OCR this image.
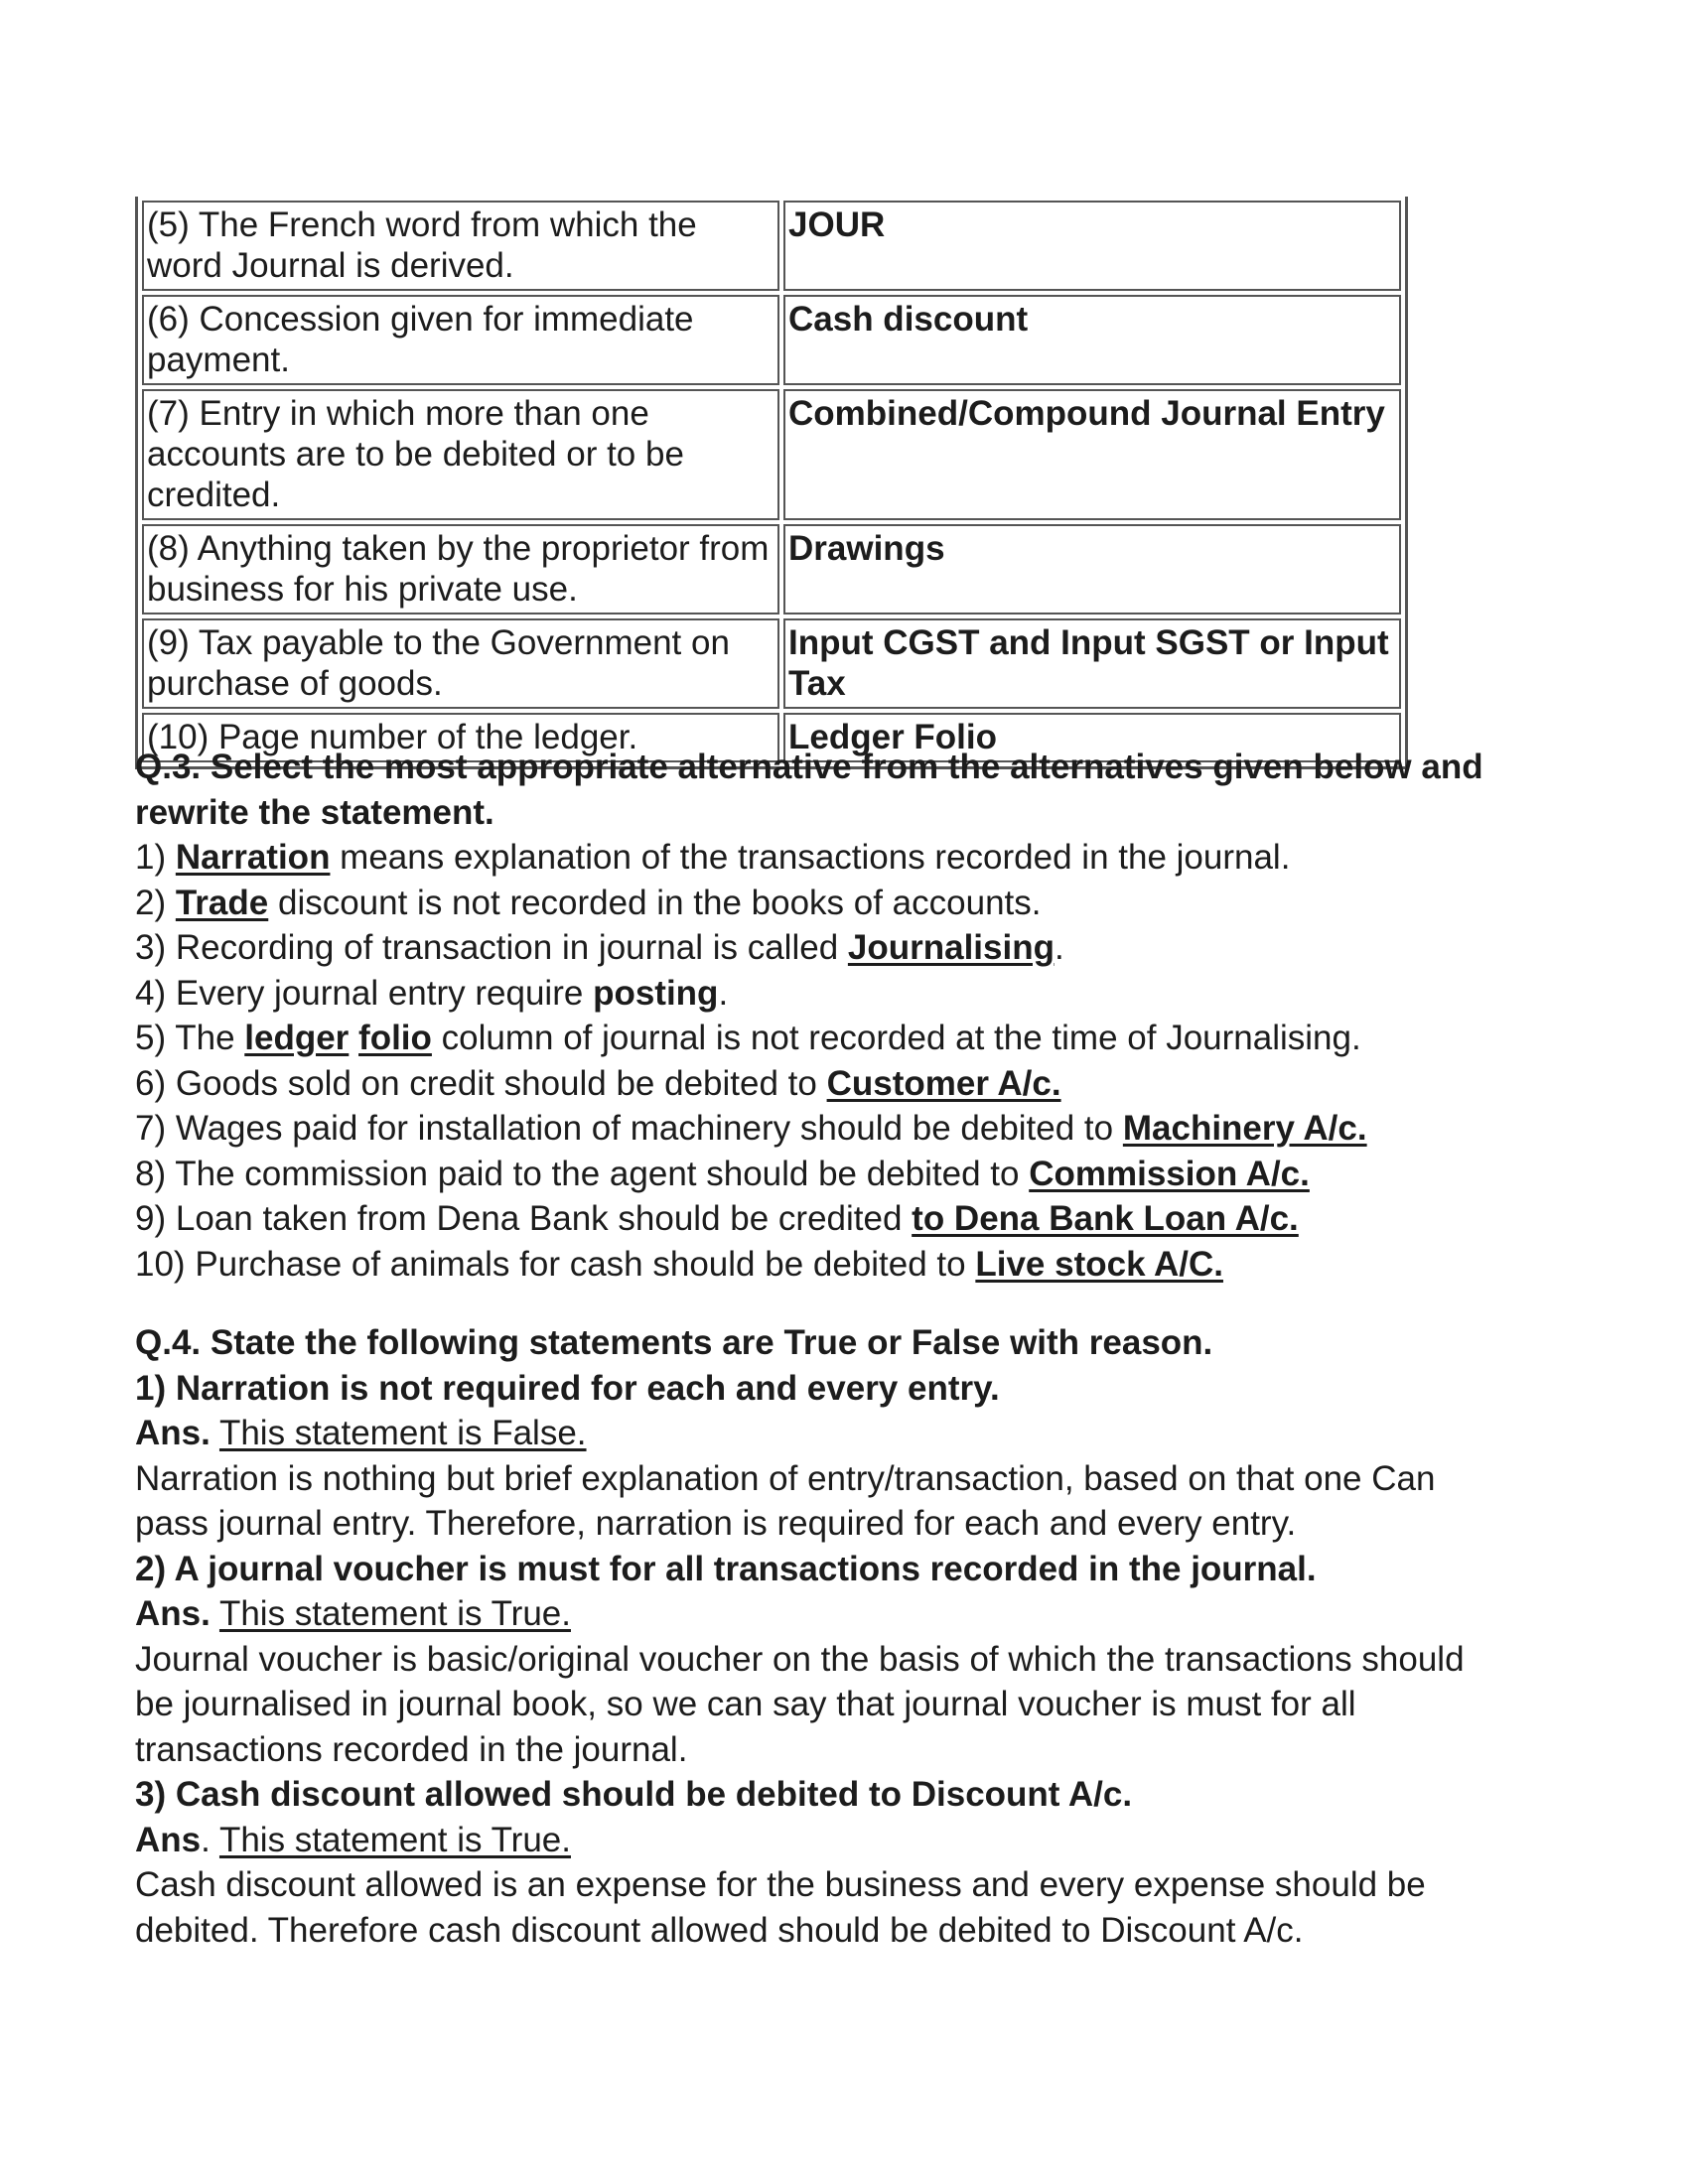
(5) The French word from which the word Journal is derived.	JOUR
(6) Concession given for immediate payment.	Cash discount
(7) Entry in which more than one accounts are to be debited or to be credited.	Combined/Compound Journal Entry
(8) Anything taken by the proprietor from business for his private use.	Drawings
(9) Tax payable to the Government on purchase of goods.	Input CGST and Input SGST or Input Tax
(10) Page number of the ledger.	Ledger Folio
Q.3. Select the most appropriate alternative from the alternatives given below and
rewrite the statement.
1) Narration means explanation of the transactions recorded in the journal.
2) Trade discount is not recorded in the books of accounts.
3) Recording of transaction in journal is called Journalising.
4) Every journal entry require posting.
5) The ledger folio column of journal is not recorded at the time of Journalising.
6) Goods sold on credit should be debited to Customer A/c.
7) Wages paid for installation of machinery should be debited to Machinery A/c.
8) The commission paid to the agent should be debited to Commission A/c.
9) Loan taken from Dena Bank should be credited to Dena Bank Loan A/c.
10) Purchase of animals for cash should be debited to Live stock A/C.
Q.4. State the following statements are True or False with reason.
1) Narration is not required for each and every entry.
Ans. This statement is False.
Narration is nothing but brief explanation of entry/transaction, based on that one Can
pass journal entry. Therefore, narration is required for each and every entry.
2) A journal voucher is must for all transactions recorded in the journal.
Ans. This statement is True.
Journal voucher is basic/original voucher on the basis of which the transactions should
be journalised in journal book, so we can say that journal voucher is must for all
transactions recorded in the journal.
3) Cash discount allowed should be debited to Discount A/c.
Ans. This statement is True.
Cash discount allowed is an expense for the business and every expense should be
debited. Therefore cash discount allowed should be debited to Discount A/c.
